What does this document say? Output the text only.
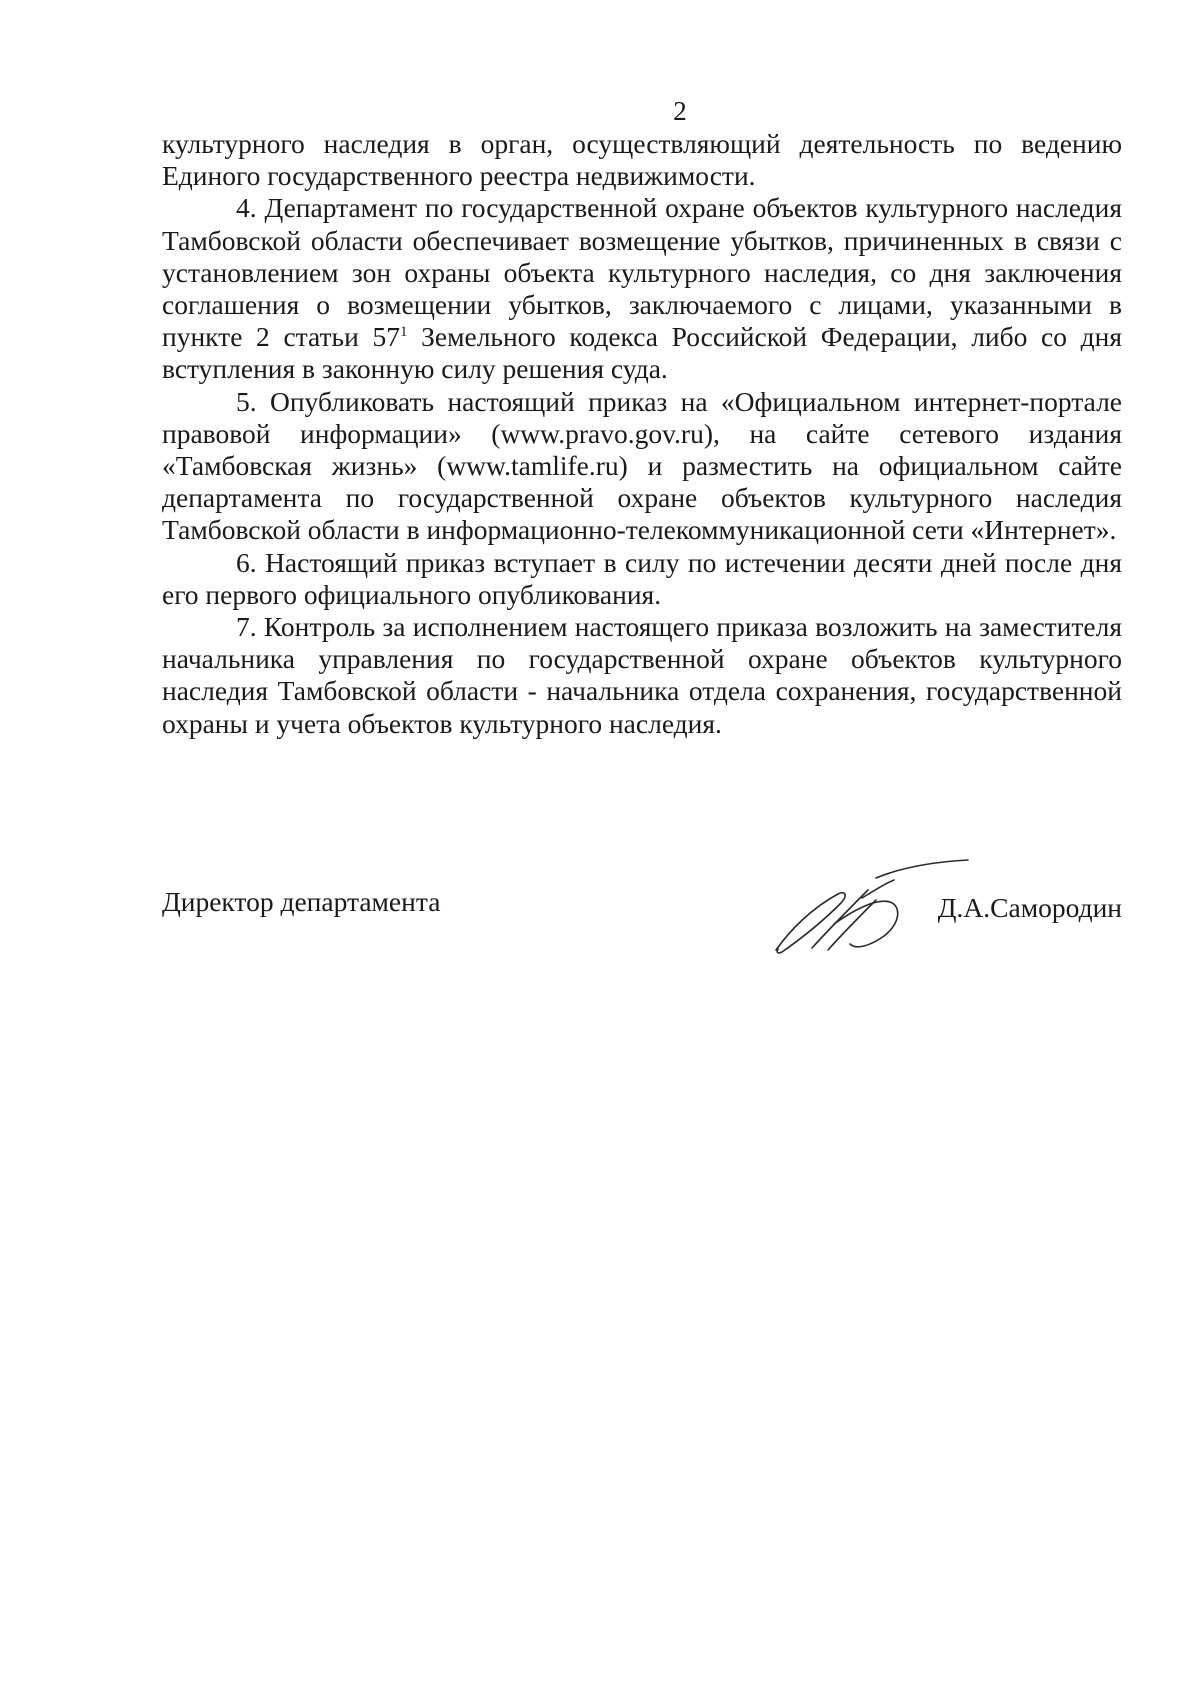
2

культурного наследия в орган, осуществляющий деятельность по ведению Единого государственного реестра недвижимости.

4. Департамент по государственной охране объектов культурного наследия Тамбовской области обеспечивает возмещение убытков, причиненных в связи с установлением зон охраны объекта культурного наследия, со дня заключения соглашения о возмещении убытков, заключаемого с лицами, указанными в пункте 2 статьи $57^1$ Земельного кодекса Российской Федерации, либо со дня вступления в законную силу решения суда.

5. Опубликовать настоящий приказ на «Официальном интернет-портале правовой информации» (www.pravo.gov.ru), на сайте сетевого издания «Тамбовская жизнь» (www.tamlife.ru) и разместить на официальном сайте департамента по государственной охране объектов культурного наследия Тамбовской области в информационно-телекоммуникационной сети «Интернет».

6. Настоящий приказ вступает в силу по истечении десяти дней после дня его первого официального опубликования.

7. Контроль за исполнением настоящего приказа возложить на заместителя начальника управления по государственной охране объектов культурного наследия Тамбовской области - начальника отдела сохранения, государственной охраны и учета объектов культурного наследия.

Директор департамента	Д.А.Самородин
